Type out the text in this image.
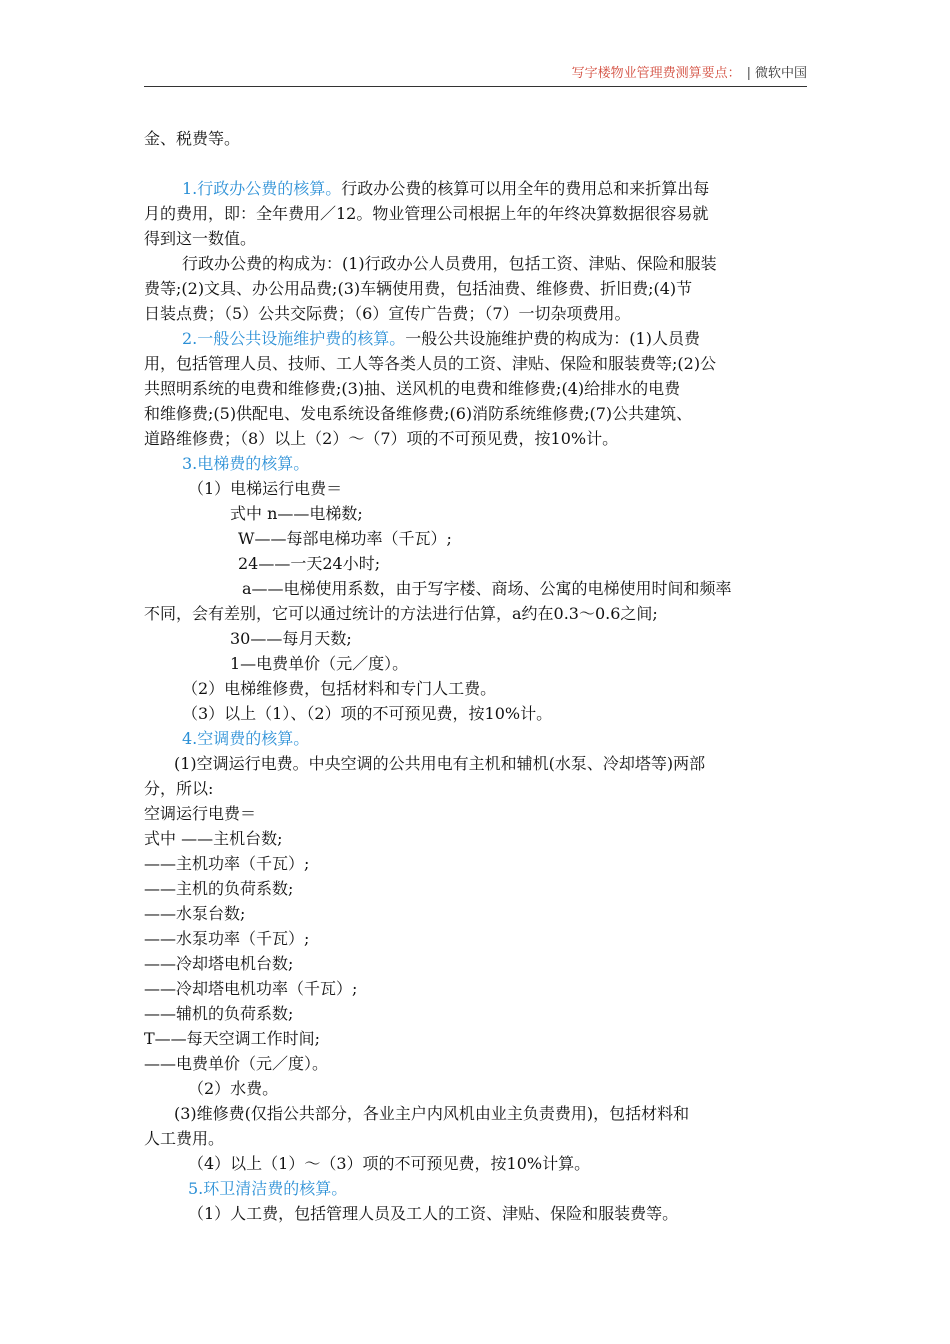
写字楼物业管理费测算要点： | 微软中国

金、税费等。

1.行政办公费的核算。行政办公费的核算可以用全年的费用总和来折算出每

月的费用，即：全年费用／12。物业管理公司根据上年的年终决算数据很容易就

得到这一数值。

行政办公费的构成为：(1)行政办公人员费用，包括工资、津贴、保险和服装

费等;(2)文具、办公用品费;(3)车辆使用费，包括油费、维修费、折旧费;(4)节

日装点费；（5）公共交际费；（6）宣传广告费；（7）一切杂项费用。

2.一般公共设施维护费的核算。一般公共设施维护费的构成为：(1)人员费

用，包括管理人员、技师、工人等各类人员的工资、津贴、保险和服装费等;(2)公

共照明系统的电费和维修费;(3)抽、送风机的电费和维修费;(4)给排水的电费

和维修费;(5)供配电、发电系统设备维修费;(6)消防系统维修费;(7)公共建筑、

道路维修费；（8）以上（2）～（7）项的不可预见费，按10%计。

3.电梯费的核算。

（1）电梯运行电费＝

式中 n——电梯数;

W——每部电梯功率（千瓦）;

24——一天24小时;

a——电梯使用系数，由于写字楼、商场、公寓的电梯使用时间和频率

不同，会有差别，它可以通过统计的方法进行估算，a约在0.3～0.6之间;

30——每月天数;

1—电费单价（元／度）。

（2）电梯维修费，包括材料和专门人工费。

（3）以上（1）、（2）项的不可预见费，按10%计。

4.空调费的核算。

(1)空调运行电费。中央空调的公共用电有主机和辅机(水泵、冷却塔等)两部

分，所以:

空调运行电费＝

式中 ——主机台数;

——主机功率（千瓦）;

——主机的负荷系数;

——水泵台数;

——水泵功率（千瓦）;

——冷却塔电机台数;

——冷却塔电机功率（千瓦）;

——辅机的负荷系数;

T——每天空调工作时间;

——电费单价（元／度）。

（2）水费。

(3)维修费(仅指公共部分，各业主户内风机由业主负责费用)，包括材料和

人工费用。

（4）以上（1）～（3）项的不可预见费，按10%计算。

5.环卫清洁费的核算。

（1）人工费，包括管理人员及工人的工资、津贴、保险和服装费等。
